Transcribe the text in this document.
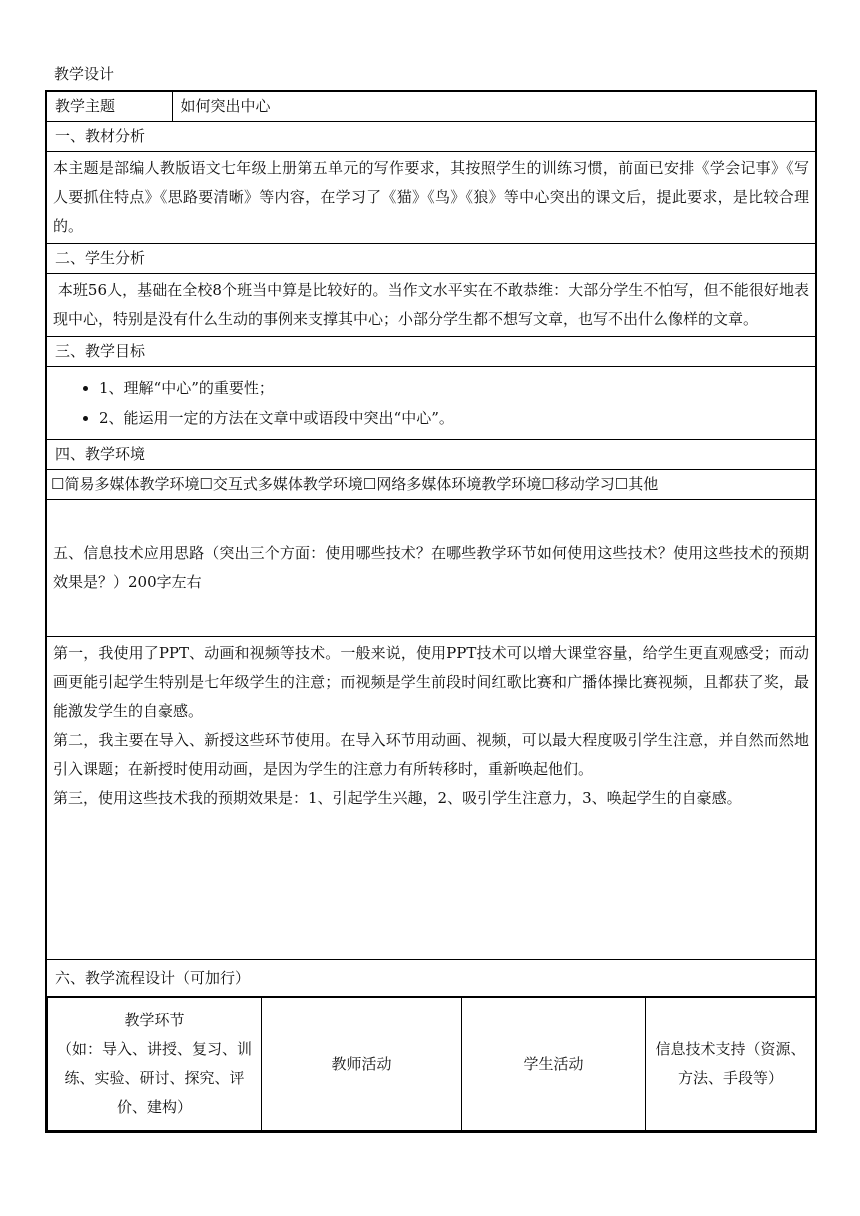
教学设计
教学主题	如何突出中心
一、教材分析
本主题是部编人教版语文七年级上册第五单元的写作要求，其按照学生的训练习惯，前面已安排《学会记事》《写人要抓住特点》《思路要清晰》等内容，在学习了《猫》《鸟》《狼》等中心突出的课文后，提此要求，是比较合理的。
二、学生分析
本班56人，基础在全校8个班当中算是比较好的。当作文水平实在不敢恭维：大部分学生不怕写，但不能很好地表现中心，特别是没有什么生动的事例来支撑其中心；小部分学生都不想写文章，也写不出什么像样的文章。
三、教学目标

• 1、理解“中心”的重要性；
• 2、能运用一定的方法在文章中或语段中突出“中心”。

四、教学环境
☐简易多媒体教学环境☐交互式多媒体教学环境☐网络多媒体环境教学环境☐移动学习☐其他
五、信息技术应用思路（突出三个方面：使用哪些技术？在哪些教学环节如何使用这些技术？使用这些技术的预期效果是？）200字左右

第一，我使用了PPT、动画和视频等技术。一般来说，使用PPT技术可以增大课堂容量，给学生更直观感受；而动画更能引起学生特别是七年级学生的注意；而视频是学生前段时间红歌比赛和广播体操比赛视频，且都获了奖，最能激发学生的自豪感。

第二，我主要在导入、新授这些环节使用。在导入环节用动画、视频，可以最大程度吸引学生注意，并自然而然地引入课题；在新授时使用动画，是因为学生的注意力有所转移时，重新唤起他们。

第三，使用这些技术我的预期效果是：1、引起学生兴趣，2、吸引学生注意力，3、唤起学生的自豪感。

六、教学流程设计（可加行）

教学环节
（如：导入、讲授、复习、训练、实验、研讨、探究、评价、建构）
	教师活动	学生活动	信息技术支持（资源、方法、手段等）
